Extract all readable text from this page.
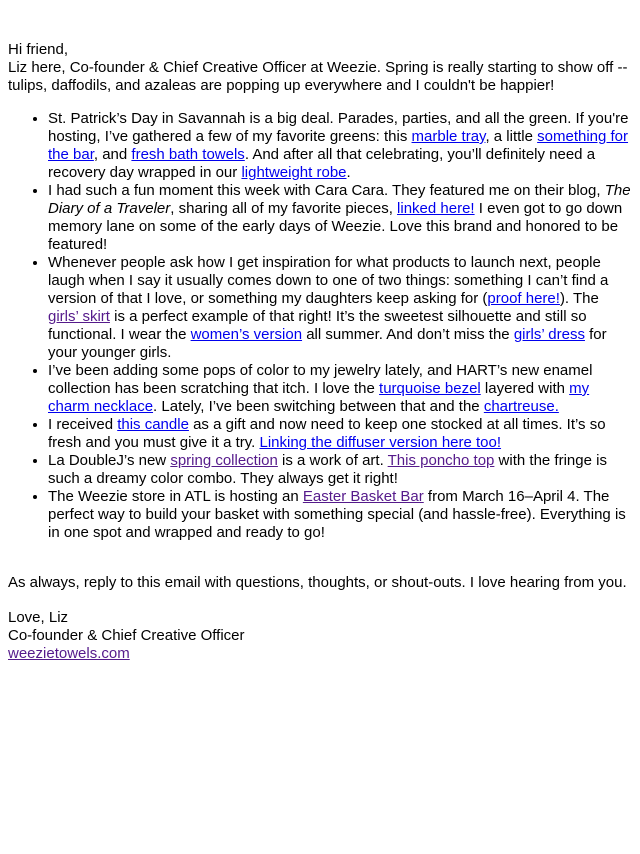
Hi friend,

Liz here, Co-founder & Chief Creative Officer at Weezie. Spring is really starting to show off -- tulips, daffodils, and azaleas are popping up everywhere and I couldn't be happier!

• St. Patrick’s Day in Savannah is a big deal. Parades, parties, and all the green. If you're hosting, I’ve gathered a few of my favorite greens: this marble tray, a little something for the bar, and fresh bath towels. And after all that celebrating, you’ll definitely need a recovery day wrapped in our lightweight robe.
• I had such a fun moment this week with Cara Cara. They featured me on their blog, The Diary of a Traveler, sharing all of my favorite pieces, linked here! I even got to go down memory lane on some of the early days of Weezie. Love this brand and honored to be featured!
• Whenever people ask how I get inspiration for what products to launch next, people laugh when I say it usually comes down to one of two things: something I can’t find a version of that I love, or something my daughters keep asking for (proof here!). The girls’ skirt is a perfect example of that right! It’s the sweetest silhouette and still so functional. I wear the women’s version all summer. And don’t miss the girls’ dress for your younger girls.
• I’ve been adding some pops of color to my jewelry lately, and HART’s new enamel collection has been scratching that itch. I love the turquoise bezel layered with my charm necklace. Lately, I’ve been switching between that and the chartreuse.
• I received this candle as a gift and now need to keep one stocked at all times. It’s so fresh and you must give it a try. Linking the diffuser version here too!
• La DoubleJ’s new spring collection is a work of art. This poncho top with the fringe is such a dreamy color combo. They always get it right!
• The Weezie store in ATL is hosting an Easter Basket Bar from March 16–April 4. The perfect way to build your basket with something special (and hassle-free). Everything is in one spot and wrapped and ready to go!

As always, reply to this email with questions, thoughts, or shout-outs. I love hearing from you.

Love, Liz

Co-founder & Chief Creative Officer

weezietowels.com
